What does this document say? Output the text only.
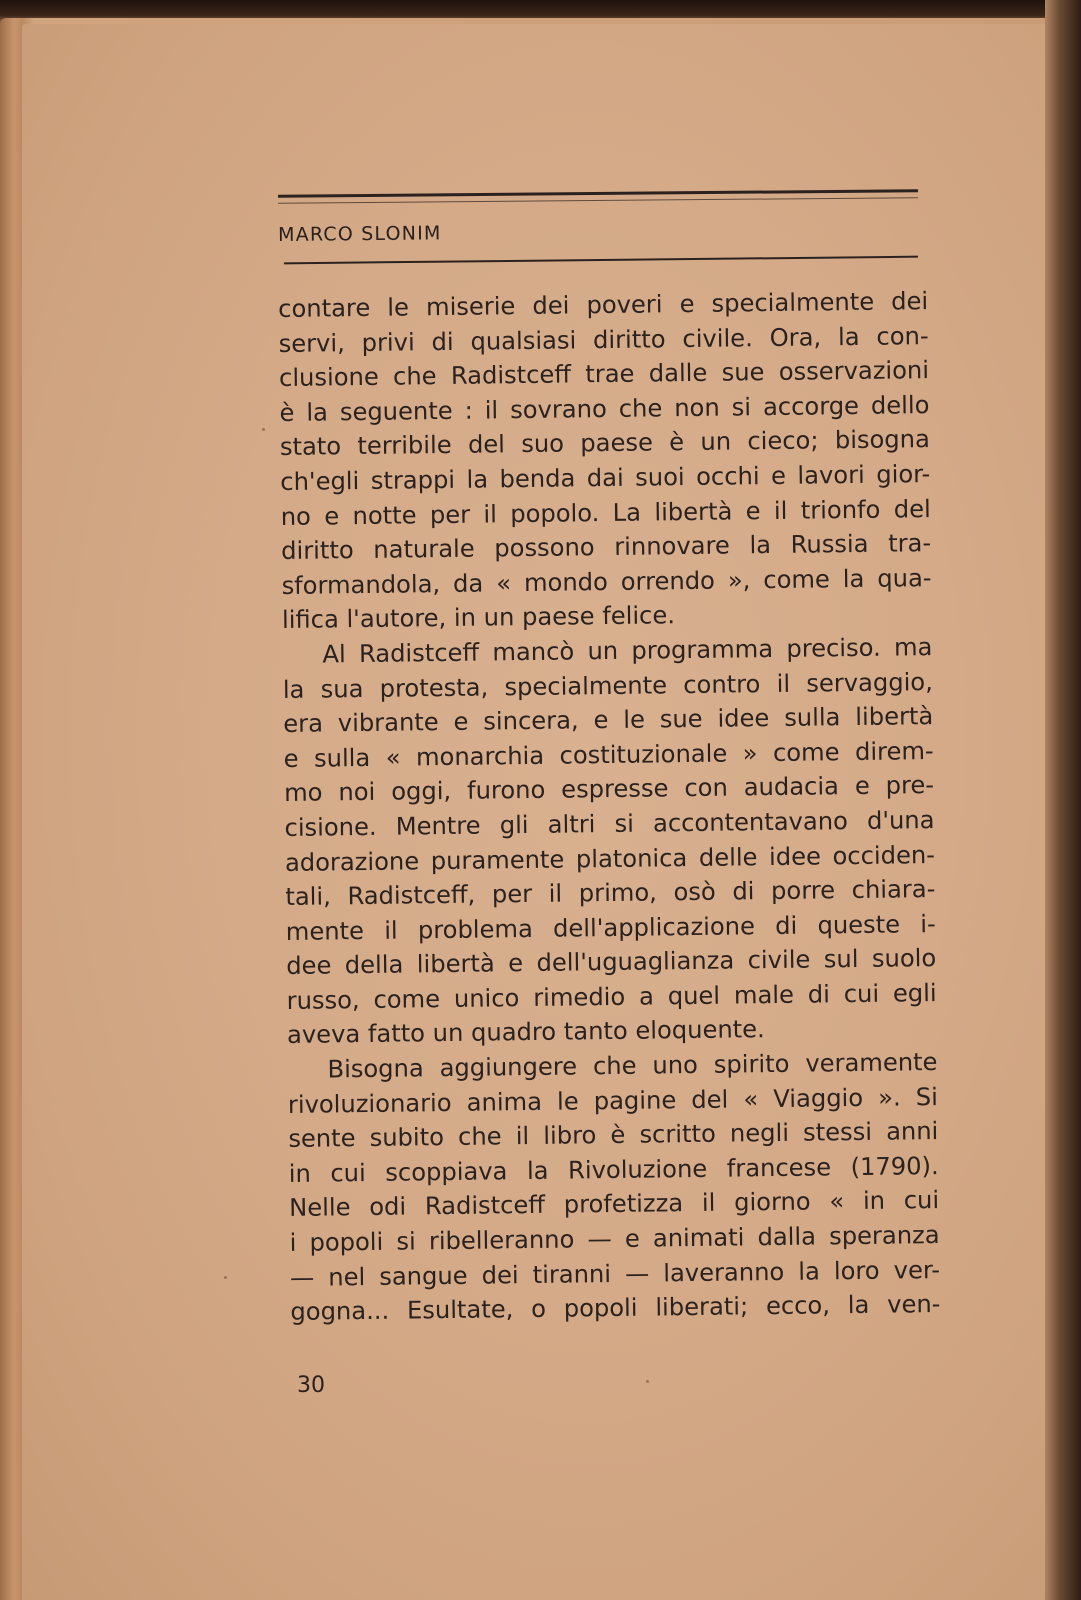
MARCO SLONIM
contare le miserie dei poveri e specialmente dei
servi, privi di qualsiasi diritto civile. Ora, la con-
clusione che Radistceff trae dalle sue osservazioni
è la seguente : il sovrano che non si accorge dello
stato terribile del suo paese è un cieco; bisogna
ch'egli strappi la benda dai suoi occhi e lavori gior-
no e notte per il popolo. La libertà e il trionfo del
diritto naturale possono rinnovare la Russia tra-
sformandola, da « mondo orrendo », come la qua-
lifica l'autore, in un paese felice.
Al Radistceff mancò un programma preciso. ma
la sua protesta, specialmente contro il servaggio,
era vibrante e sincera, e le sue idee sulla libertà
e sulla « monarchia costituzionale » come direm-
mo noi oggi, furono espresse con audacia e pre-
cisione. Mentre gli altri si accontentavano d'una
adorazione puramente platonica delle idee occiden-
tali, Radistceff, per il primo, osò di porre chiara-
mente il problema dell'applicazione di queste i-
dee della libertà e dell'uguaglianza civile sul suolo
russo, come unico rimedio a quel male di cui egli
aveva fatto un quadro tanto eloquente.
Bisogna aggiungere che uno spirito veramente
rivoluzionario anima le pagine del « Viaggio ». Si
sente subito che il libro è scritto negli stessi anni
in cui scoppiava la Rivoluzione francese (1790).
Nelle odi Radistceff profetizza il giorno « in cui
i popoli si ribelleranno — e animati dalla speranza
— nel sangue dei tiranni — laveranno la loro ver-
gogna... Esultate, o popoli liberati; ecco, la ven-

30
